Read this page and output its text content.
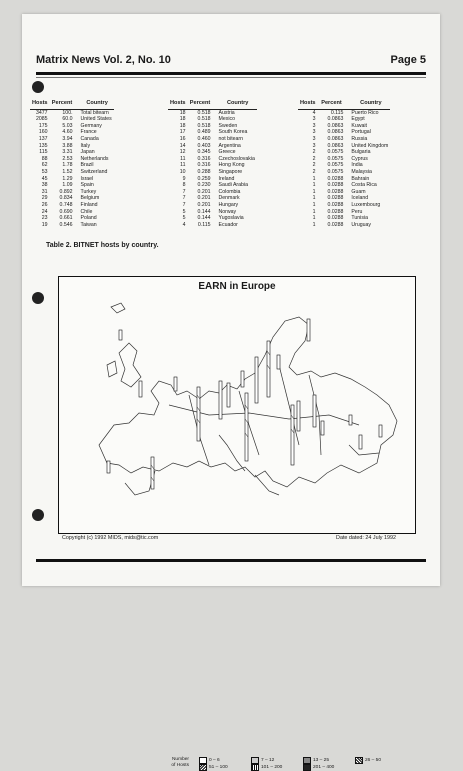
Matrix News Vol. 2, No. 10	Page 5
Hosts	Percent	Country
3477	100.	Total bitearn
2085	60.0	United States
175	5.03	Germany
160	4.60	France
137	3.94	Canada
135	3.88	Italy
115	3.31	Japan
88	2.53	Netherlands
62	1.78	Brazil
53	1.52	Switzerland
45	1.29	Israel
38	1.09	Spain
31	0.892	Turkey
29	0.834	Belgium
26	0.748	Finland
24	0.690	Chile
23	0.661	Poland
19	0.546	Taiwan
Hosts	Percent	Country
18	0.518	Austria
18	0.518	Mexico
18	0.518	Sweden
17	0.489	South Korea
16	0.460	not bitearn
14	0.403	Argentina
12	0.345	Greece
11	0.316	Czechoslovakia
11	0.316	Hong Kong
10	0.288	Singapore
9	0.259	Ireland
8	0.230	Saudi Arabia
7	0.201	Colombia
7	0.201	Denmark
7	0.201	Hungary
5	0.144	Norway
5	0.144	Yugoslavia
4	0.115	Ecuador
Hosts	Percent	Country
4	0.115	Puerto Rico
3	0.0863	Egypt
3	0.0863	Kuwait
3	0.0863	Portugal
3	0.0863	Russia
3	0.0863	United Kingdom
2	0.0575	Bulgaria
2	0.0575	Cyprus
2	0.0575	India
2	0.0575	Malaysia
1	0.0288	Bahrain
1	0.0288	Costa Rica
1	0.0288	Guam
1	0.0288	Iceland
1	0.0288	Luxembourg
1	0.0288	Peru
1	0.0288	Tunisia
1	0.0288	Uruguay
Table 2. BITNET hosts by country.
EARN in Europe
Number
of Hosts
0 – 6	7 – 12	13 – 25	26 – 50
51 – 100	101 – 200	201 – 400
Copyright (c) 1992 MIDS, mids@tic.com	Date dated: 24 July 1992
